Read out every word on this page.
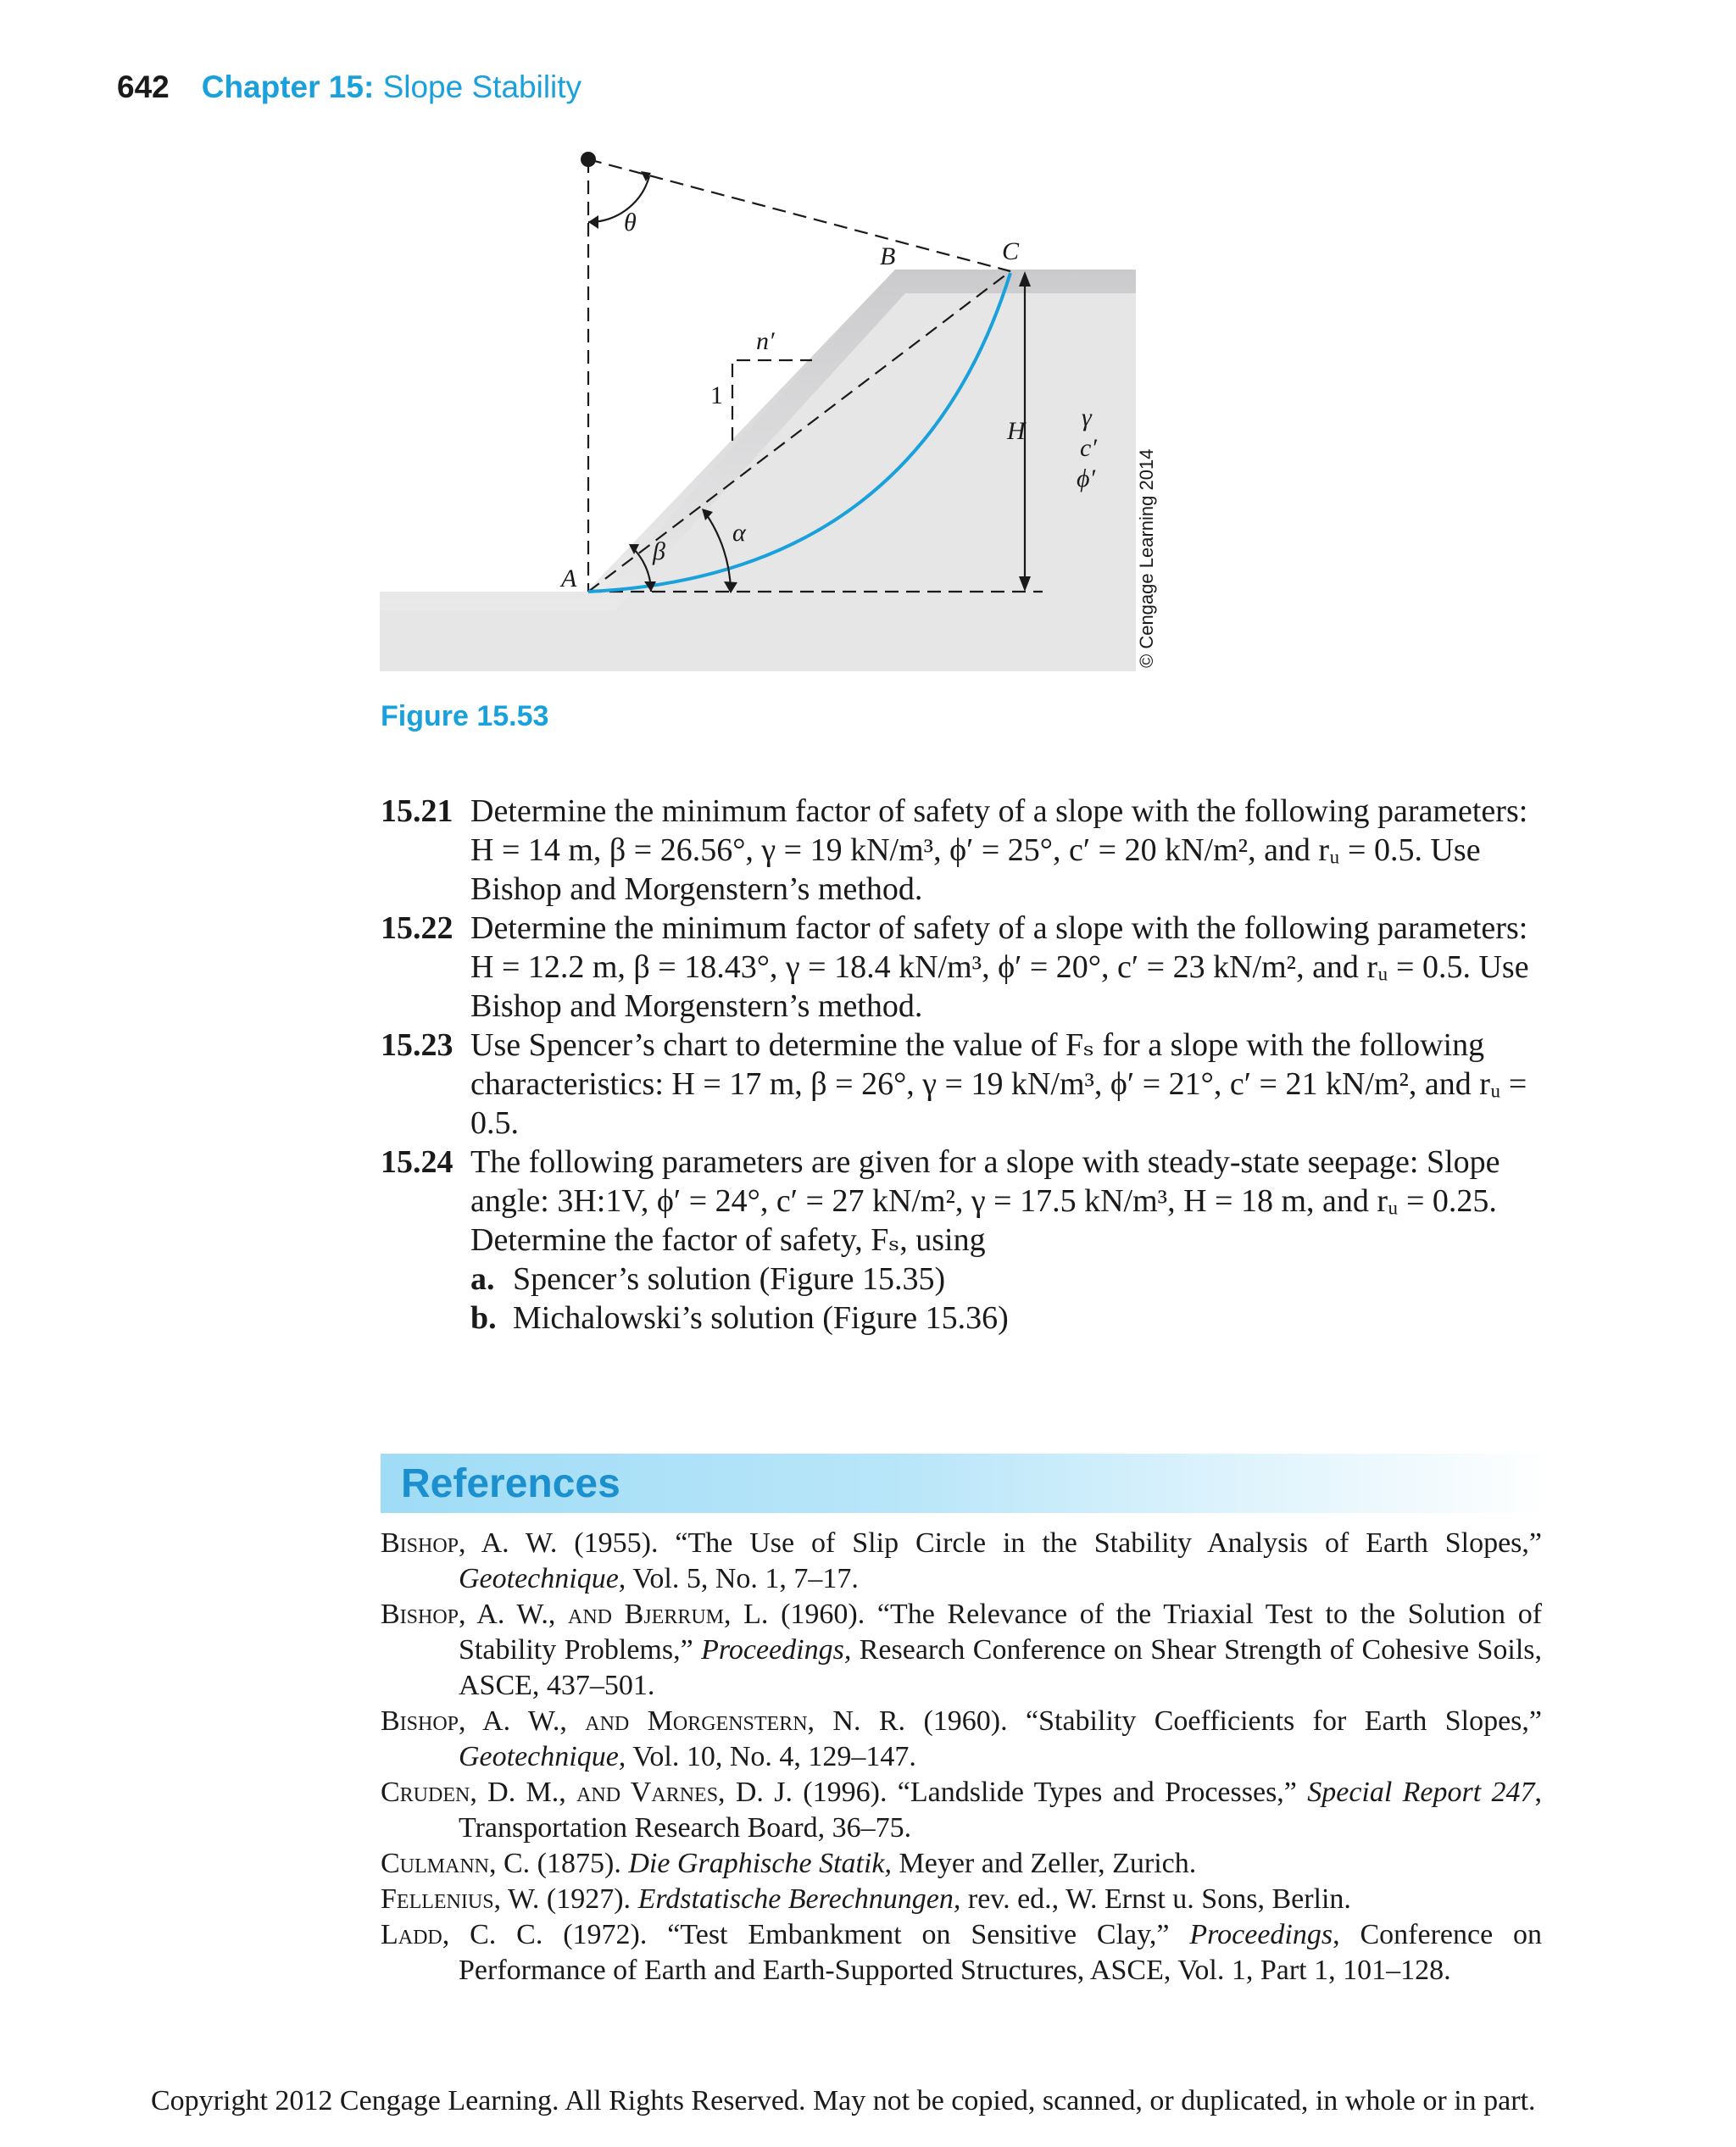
642 Chapter 15: Slope Stability
θ
B	C
n′
1
H γ
c′
ϕ′
α
β
A	© Cengage Learning 2014
Figure 15.53
15.21 Determine the minimum factor of safety of a slope with the following parameters: H = 14 m, β = 26.56°, γ = 19 kN/m³, ϕ′ = 25°, c′ = 20 kN/m², and rᵤ = 0.5. Use Bishop and Morgenstern’s method.
15.22 Determine the minimum factor of safety of a slope with the following parameters: H = 12.2 m, β = 18.43°, γ = 18.4 kN/m³, ϕ′ = 20°, c′ = 23 kN/m², and rᵤ = 0.5. Use Bishop and Morgenstern’s method.
15.23 Use Spencer’s chart to determine the value of Fₛ for a slope with the following characteristics: H = 17 m, β = 26°, γ = 19 kN/m³, ϕ′ = 21°, c′ = 21 kN/m², and rᵤ = 0.5.
15.24 The following parameters are given for a slope with steady-state seepage: Slope angle: 3H:1V, ϕ′ = 24°, c′ = 27 kN/m², γ = 17.5 kN/m³, H = 18 m, and rᵤ = 0.25. Determine the factor of safety, Fₛ, using
a. Spencer’s solution (Figure 15.35)
b. Michalowski’s solution (Figure 15.36)
References

Bishop, A. W. (1955). “The Use of Slip Circle in the Stability Analysis of Earth Slopes,” Geotechnique, Vol. 5, No. 1, 7–17.

Bishop, A. W., and Bjerrum, L. (1960). “The Relevance of the Triaxial Test to the Solution of Stability Problems,” Proceedings, Research Conference on Shear Strength of Cohesive Soils, ASCE, 437–501.

Bishop, A. W., and Morgenstern, N. R. (1960). “Stability Coefficients for Earth Slopes,” Geotechnique, Vol. 10, No. 4, 129–147.

Cruden, D. M., and Varnes, D. J. (1996). “Landslide Types and Processes,” Special Report 247, Transportation Research Board, 36–75.

Culmann, C. (1875). Die Graphische Statik, Meyer and Zeller, Zurich.

Fellenius, W. (1927). Erdstatische Berechnungen, rev. ed., W. Ernst u. Sons, Berlin.

Ladd, C. C. (1972). “Test Embankment on Sensitive Clay,” Proceedings, Conference on Performance of Earth and Earth-Supported Structures, ASCE, Vol. 1, Part 1, 101–128.

Copyright 2012 Cengage Learning. All Rights Reserved. May not be copied, scanned, or duplicated, in whole or in part.
